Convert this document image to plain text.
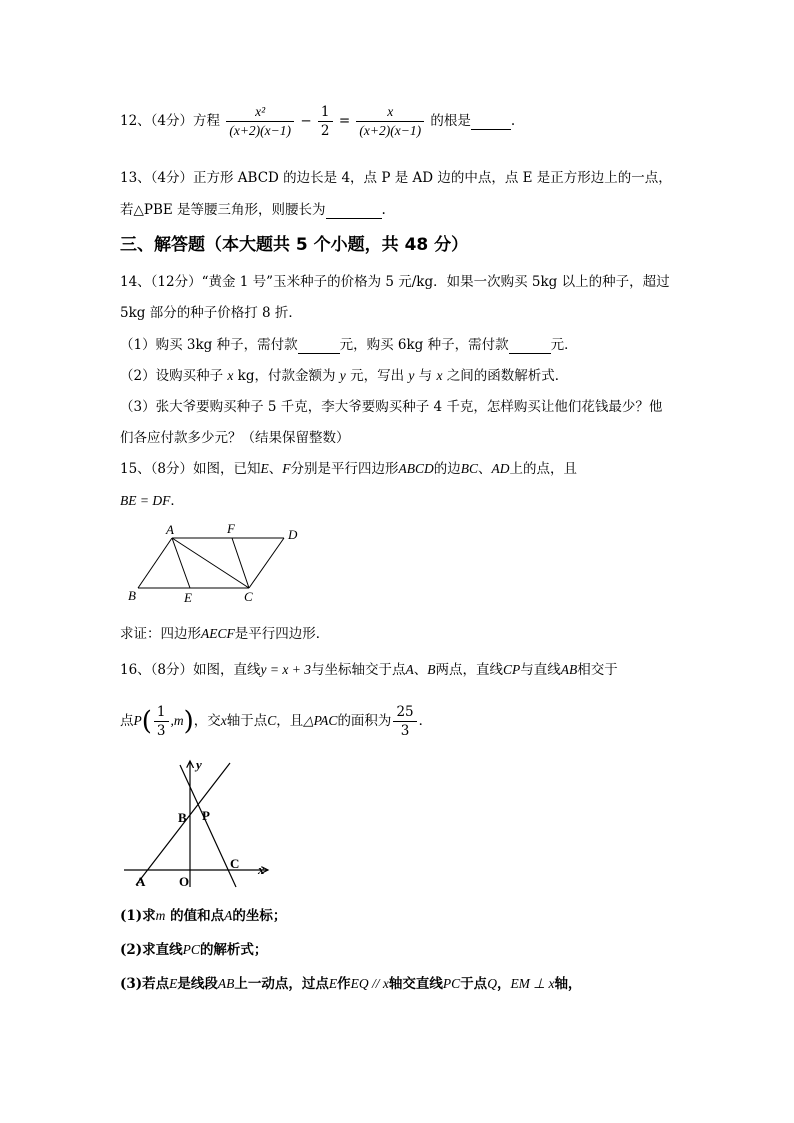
12、（4分）方程 $\frac{\text{x²}}{(x+2)(x-1)} - \frac{1}{2} = \frac{x}{(x+2)(x-1)}$ 的根是	.
13、（4分）正方形 ABCD 的边长是 4，点 P 是 AD 边的中点，点 E 是正方形边上的一点，
若△PBE 是等腰三角形，则腰长为	.
三、解答题（本大题共 5 个小题，共 48 分）
14、（12分）“黄金 1 号”玉米种子的价格为 5 元/kg．如果一次购买 5kg 以上的种子，超过
5kg 部分的种子价格打 8 折．
（1）购买 3kg 种子，需付款	元，购买 6kg 种子，需付款	元．
（2）设购买种子 x kg，付款金额为 y 元，写出 y 与 x 之间的函数解析式．
（3）张大爷要购买种子 5 千克，李大爷要购买种子 4 千克，怎样购买让他们花钱最少？他
们各应付款多少元？（结果保留整数）
15、（8分）如图，已知E、F分别是平行四边形ABCD的边BC、AD上的点，且
BE = DF．
A	F	D
B	E	C
求证：四边形AECF是平行四边形．
16、（8分）如图，直线y = x + 3与坐标轴交于点A、B两点，直线CP与直线AB相交于
点$P( \frac{1}{3} ,m)$，交x轴于点C，且△PAC的面积为 $\frac{25}{3}$ ．
y
x
B P
C
A	O
(1)求m 的值和点A的坐标；
(2)求直线PC的解析式；
(3)若点E是线段AB上一动点，过点E作EQ // x轴交直线PC于点Q，EM ⊥ x轴，
